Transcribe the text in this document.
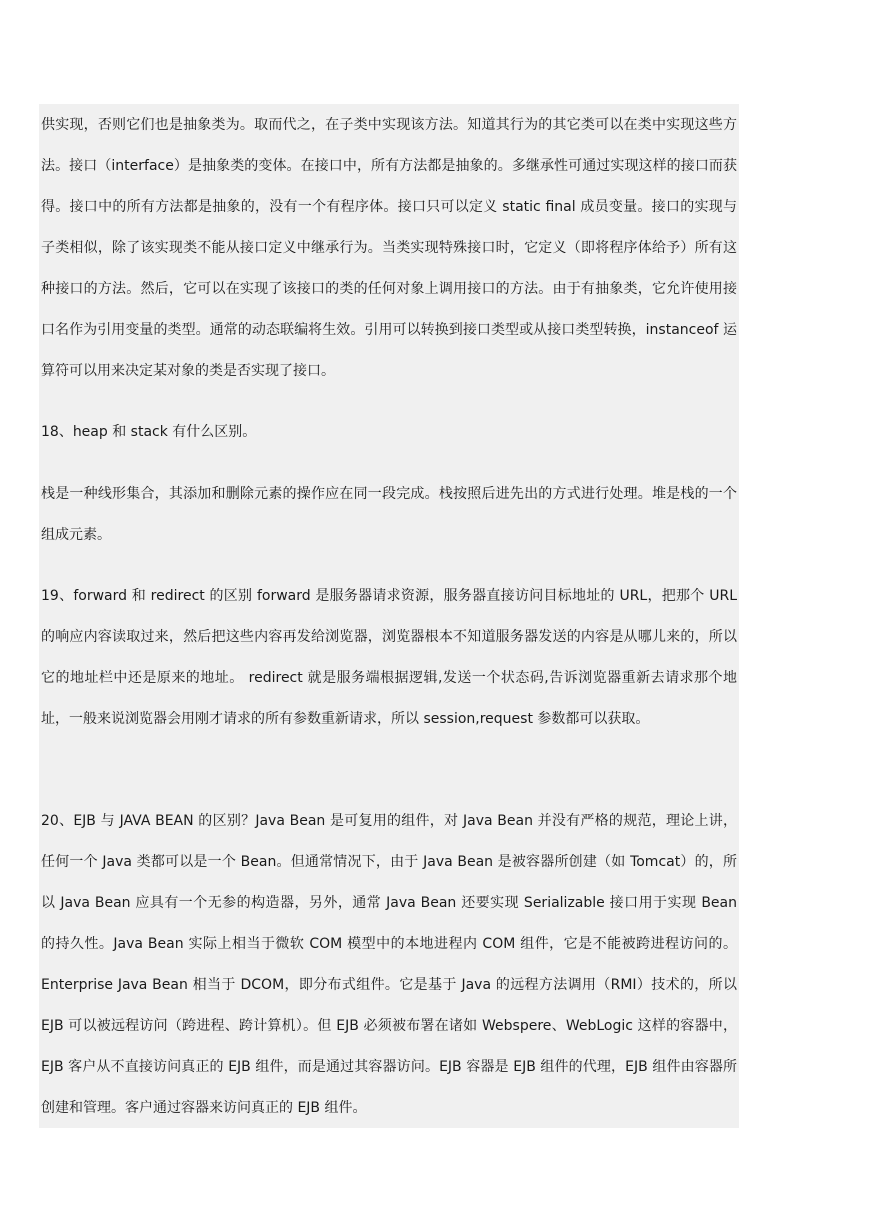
供实现，否则它们也是抽象类为。取而代之，在子类中实现该方法。知道其行为的其它类可以在类中实现这些方法。接口（interface）是抽象类的变体。在接口中，所有方法都是抽象的。多继承性可通过实现这样的接口而获得。接口中的所有方法都是抽象的，没有一个有程序体。接口只可以定义 static final 成员变量。接口的实现与子类相似，除了该实现类不能从接口定义中继承行为。当类实现特殊接口时，它定义（即将程序体给予）所有这种接口的方法。然后，它可以在实现了该接口的类的任何对象上调用接口的方法。由于有抽象类，它允许使用接口名作为引用变量的类型。通常的动态联编将生效。引用可以转换到接口类型或从接口类型转换，instanceof 运算符可以用来决定某对象的类是否实现了接口。

18、heap 和 stack 有什么区别。

栈是一种线形集合，其添加和删除元素的操作应在同一段完成。栈按照后进先出的方式进行处理。堆是栈的一个组成元素。

19、forward 和 redirect 的区别 forward 是服务器请求资源，服务器直接访问目标地址的 URL，把那个 URL 的响应内容读取过来，然后把这些内容再发给浏览器，浏览器根本不知道服务器发送的内容是从哪儿来的，所以它的地址栏中还是原来的地址。 redirect 就是服务端根据逻辑,发送一个状态码,告诉浏览器重新去请求那个地址，一般来说浏览器会用刚才请求的所有参数重新请求，所以 session,request 参数都可以获取。

20、EJB 与 JAVA BEAN 的区别？Java Bean 是可复用的组件，对 Java Bean 并没有严格的规范，理论上讲，任何一个 Java 类都可以是一个 Bean。但通常情况下，由于 Java Bean 是被容器所创建（如 Tomcat）的，所以 Java Bean 应具有一个无参的构造器，另外，通常 Java Bean 还要实现 Serializable 接口用于实现 Bean 的持久性。Java Bean 实际上相当于微软 COM 模型中的本地进程内 COM 组件，它是不能被跨进程访问的。Enterprise Java Bean 相当于 DCOM，即分布式组件。它是基于 Java 的远程方法调用（RMI）技术的，所以 EJB 可以被远程访问（跨进程、跨计算机）。但 EJB 必须被布署在诸如 Webspere、WebLogic 这样的容器中，EJB 客户从不直接访问真正的 EJB 组件，而是通过其容器访问。EJB 容器是 EJB 组件的代理，EJB 组件由容器所创建和管理。客户通过容器来访问真正的 EJB 组件。
